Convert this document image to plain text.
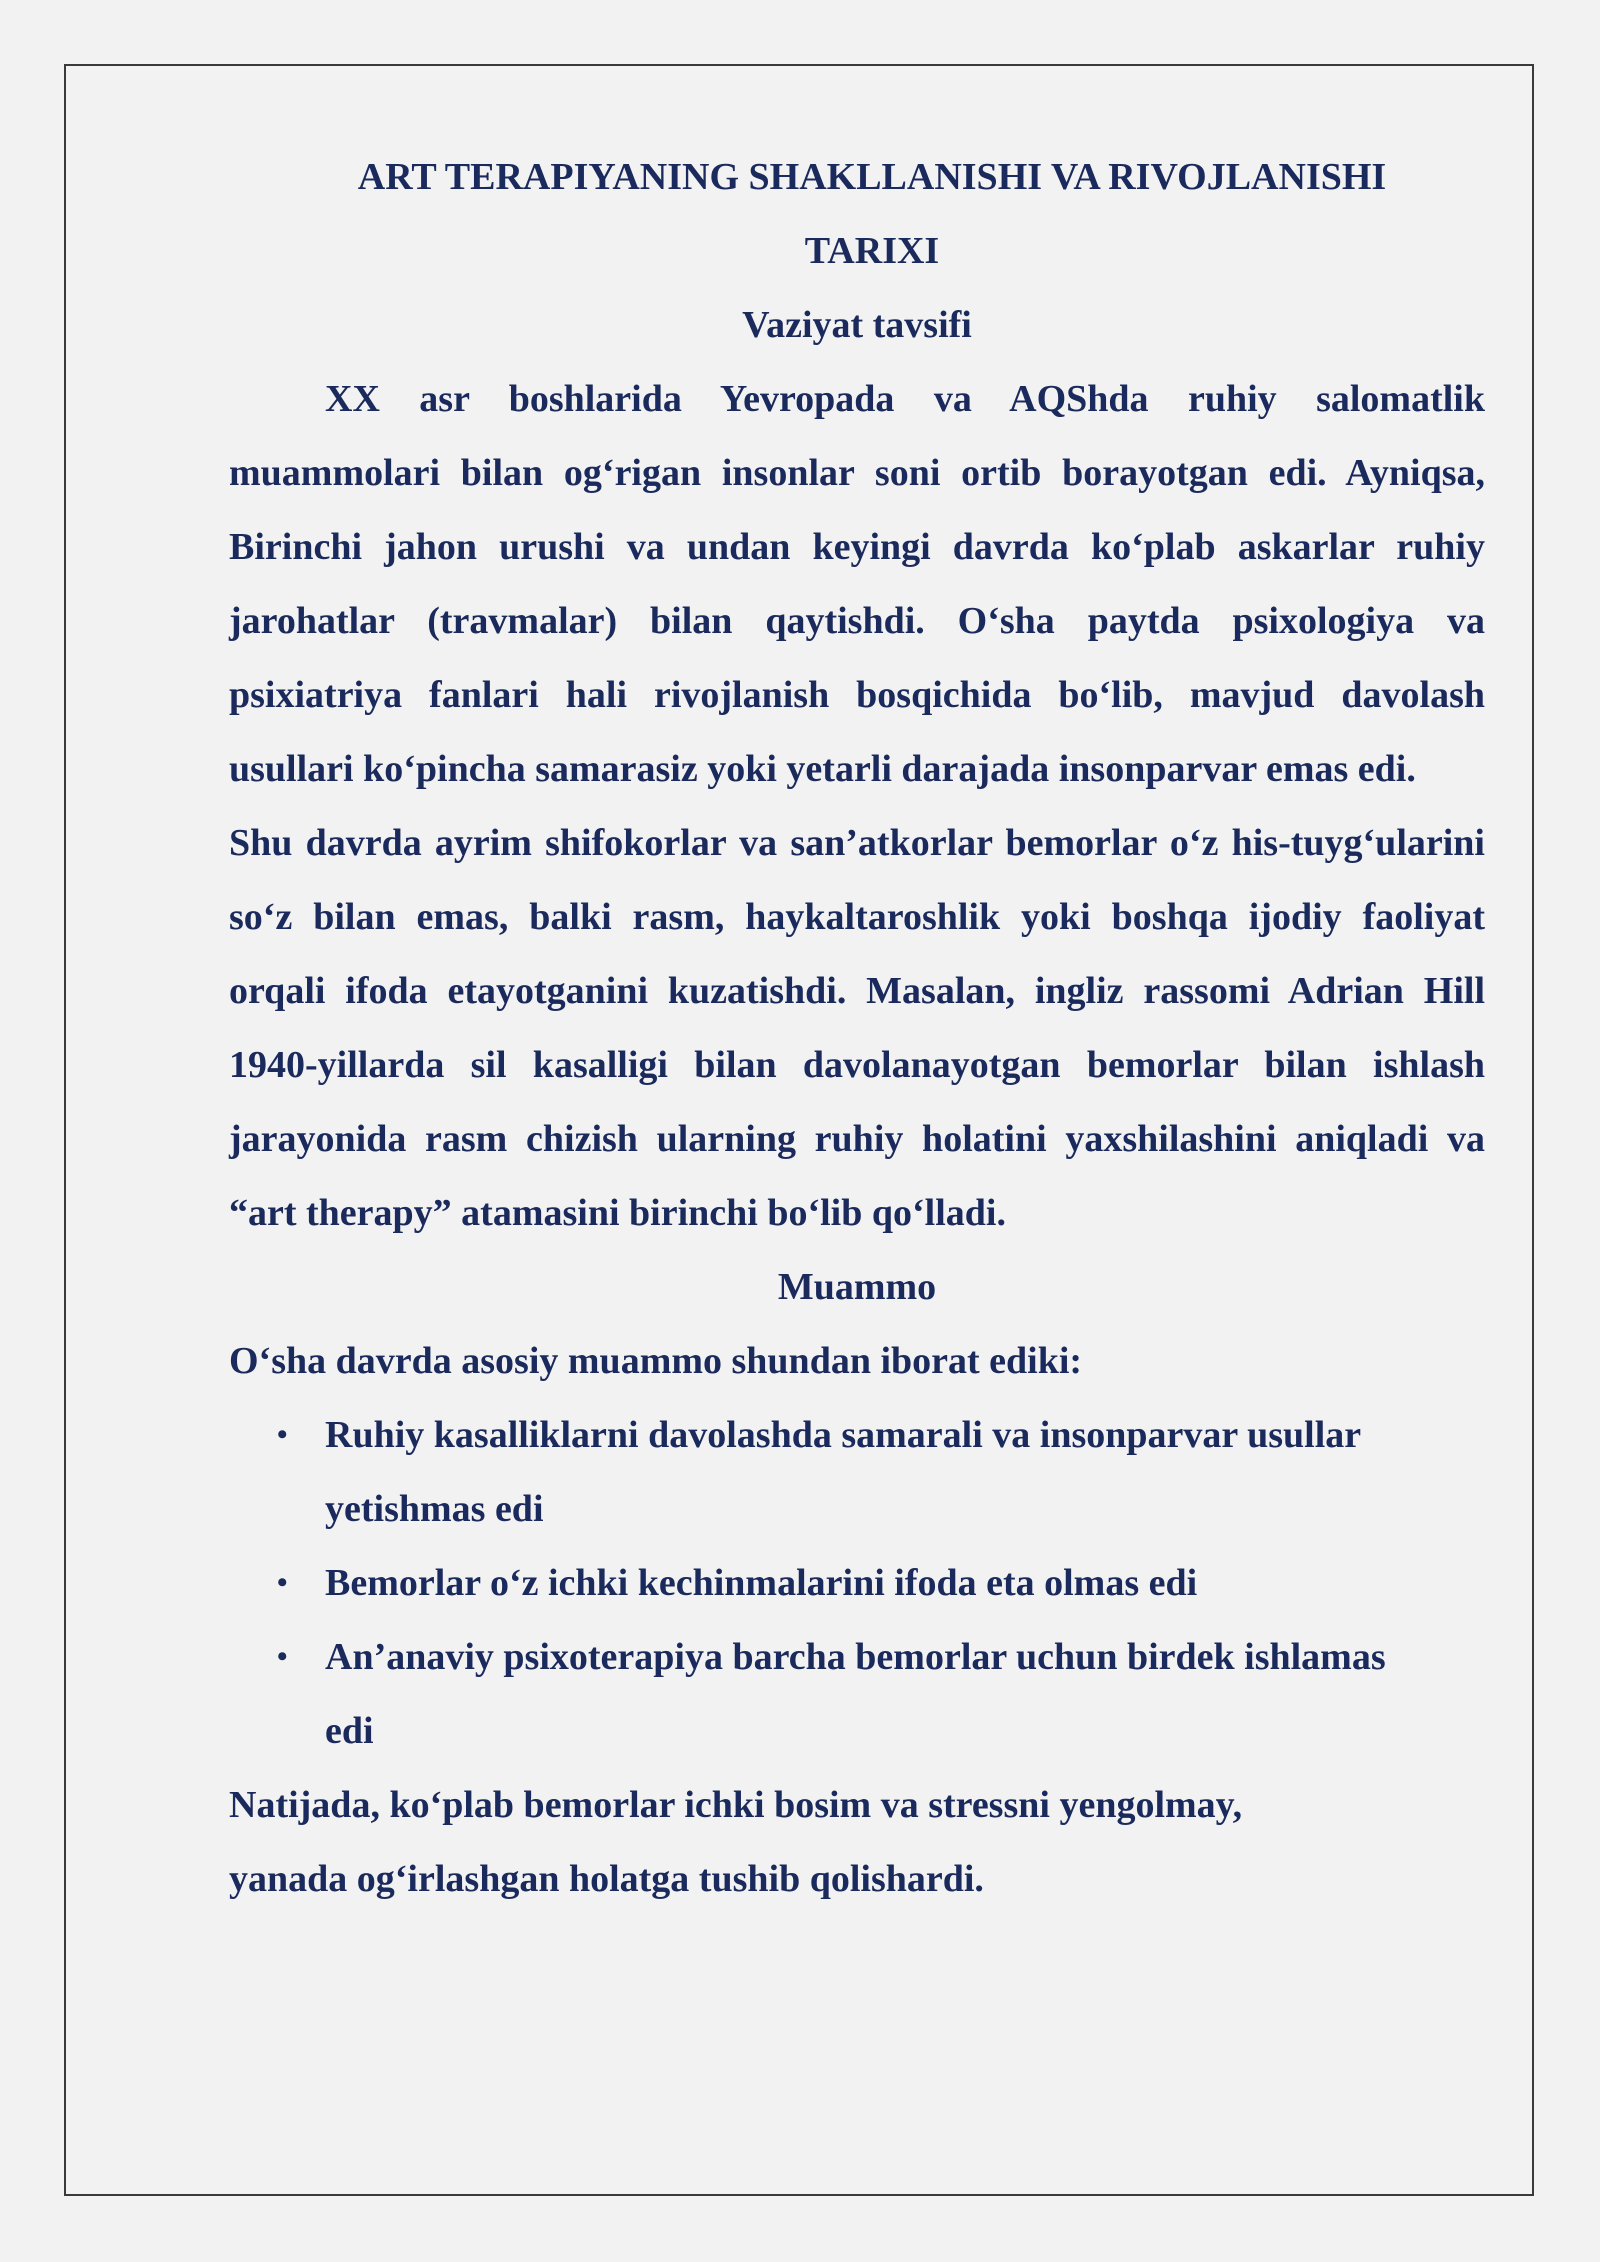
ART TERAPIYANING SHAKLLANISHI VA RIVOJLANISHI
TARIXI

Vaziyat tavsifi

XX asr boshlarida Yevropada va AQShda ruhiy salomatlik muammolari bilan og‘rigan insonlar soni ortib borayotgan edi. Ayniqsa, Birinchi jahon urushi va undan keyingi davrda ko‘plab askarlar ruhiy jarohatlar (travmalar) bilan qaytishdi. O‘sha paytda psixologiya va psixiatriya fanlari hali rivojlanish bosqichida bo‘lib, mavjud davolash usullari ko‘pincha samarasiz yoki yetarli darajada insonparvar emas edi.

Shu davrda ayrim shifokorlar va san’atkorlar bemorlar o‘z his-tuyg‘ularini so‘z bilan emas, balki rasm, haykaltaroshlik yoki boshqa ijodiy faoliyat orqali ifoda etayotganini kuzatishdi. Masalan, ingliz rassomi Adrian Hill 1940-yillarda sil kasalligi bilan davolanayotgan bemorlar bilan ishlash jarayonida rasm chizish ularning ruhiy holatini yaxshilashini aniqladi va “art therapy” atamasini birinchi bo‘lib qo‘lladi.

Muammo

O‘sha davrda asosiy muammo shundan iborat ediki:

• Ruhiy kasalliklarni davolashda samarali va insonparvar usullar yetishmas edi
• Bemorlar o‘z ichki kechinmalarini ifoda eta olmas edi
• An’anaviy psixoterapiya barcha bemorlar uchun birdek ishlamas edi

Natijada, ko‘plab bemorlar ichki bosim va stressni yengolmay,

yanada og‘irlashgan holatga tushib qolishardi.
